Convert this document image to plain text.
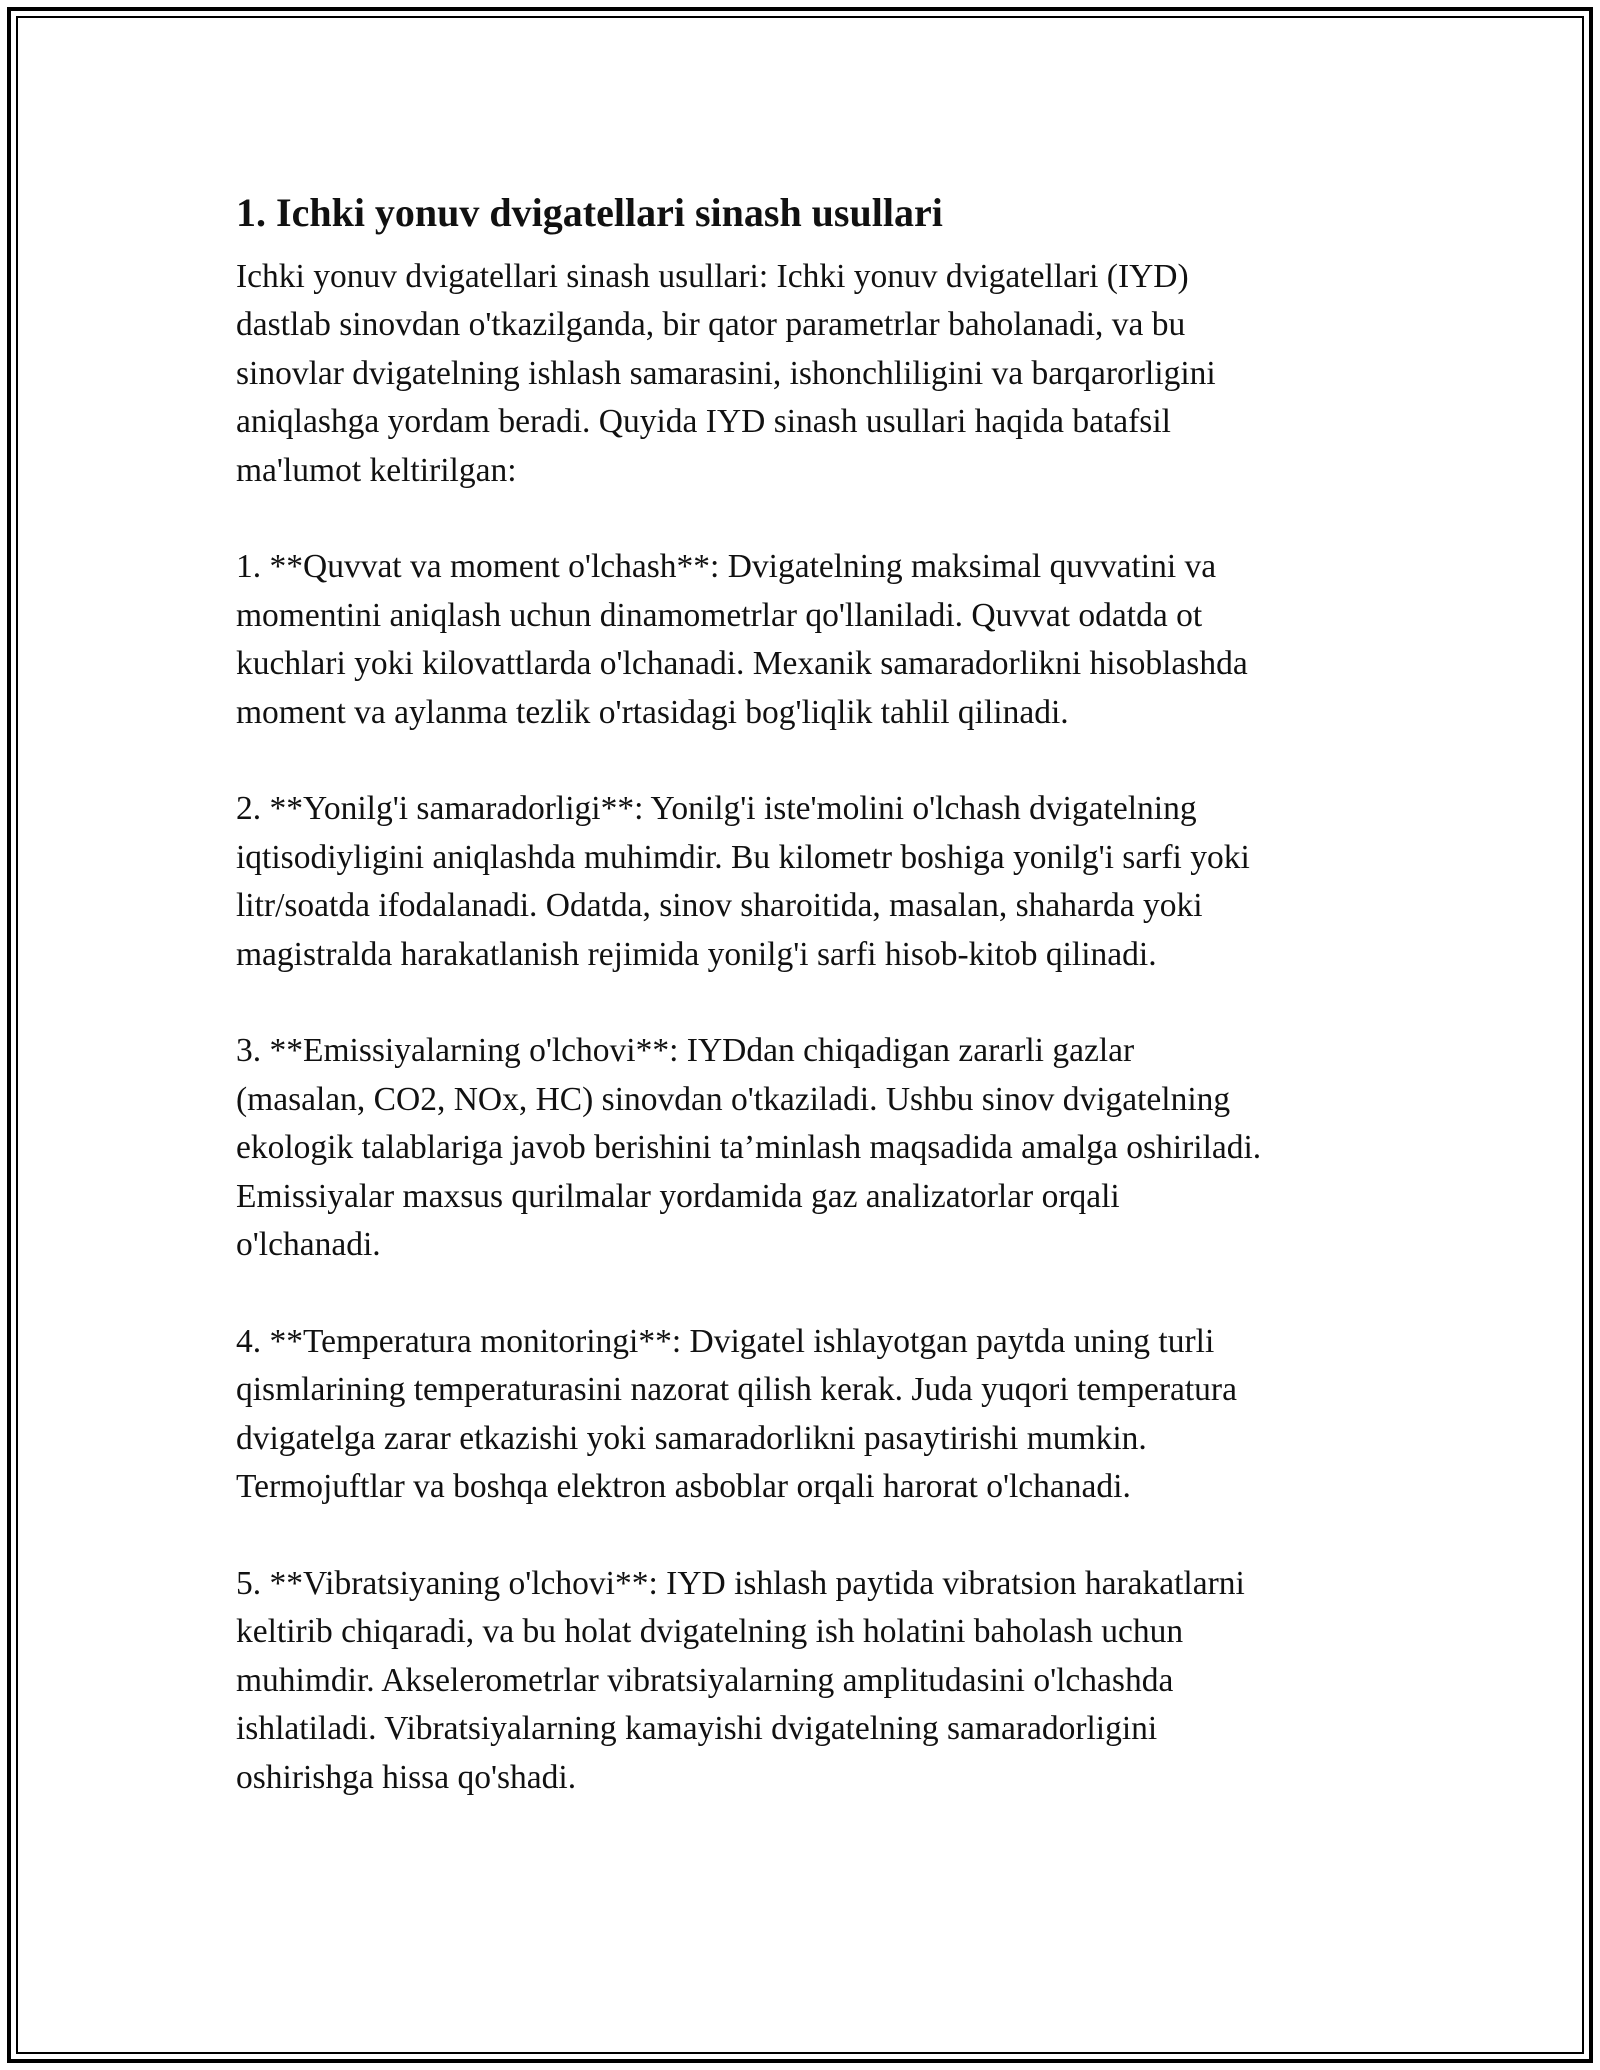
1. Ichki yonuv dvigatellari sinash usullari

Ichki yonuv dvigatellari sinash usullari: Ichki yonuv dvigatellari (IYD)
dastlab sinovdan o'tkazilganda, bir qator parametrlar baholanadi, va bu
sinovlar dvigatelning ishlash samarasini, ishonchliligini va barqarorligini
aniqlashga yordam beradi. Quyida IYD sinash usullari haqida batafsil
ma'lumot keltirilgan:

1. **Quvvat va moment o'lchash**: Dvigatelning maksimal quvvatini va
momentini aniqlash uchun dinamometrlar qo'llaniladi. Quvvat odatda ot
kuchlari yoki kilovattlarda o'lchanadi. Mexanik samaradorlikni hisoblashda
moment va aylanma tezlik o'rtasidagi bog'liqlik tahlil qilinadi.

2. **Yonilg'i samaradorligi**: Yonilg'i iste'molini o'lchash dvigatelning
iqtisodiyligini aniqlashda muhimdir. Bu kilometr boshiga yonilg'i sarfi yoki
litr/soatda ifodalanadi. Odatda, sinov sharoitida, masalan, shaharda yoki
magistralda harakatlanish rejimida yonilg'i sarfi hisob-kitob qilinadi.

3. **Emissiyalarning o'lchovi**: IYDdan chiqadigan zararli gazlar
(masalan, CO2, NOx, HC) sinovdan o'tkaziladi. Ushbu sinov dvigatelning
ekologik talablariga javob berishini ta’minlash maqsadida amalga oshiriladi.
Emissiyalar maxsus qurilmalar yordamida gaz analizatorlar orqali
o'lchanadi.

4. **Temperatura monitoringi**: Dvigatel ishlayotgan paytda uning turli
qismlarining temperaturasini nazorat qilish kerak. Juda yuqori temperatura
dvigatelga zarar etkazishi yoki samaradorlikni pasaytirishi mumkin.
Termojuftlar va boshqa elektron asboblar orqali harorat o'lchanadi.

5. **Vibratsiyaning o'lchovi**: IYD ishlash paytida vibratsion harakatlarni
keltirib chiqaradi, va bu holat dvigatelning ish holatini baholash uchun
muhimdir. Akselerometrlar vibratsiyalarning amplitudasini o'lchashda
ishlatiladi. Vibratsiyalarning kamayishi dvigatelning samaradorligini
oshirishga hissa qo'shadi.
